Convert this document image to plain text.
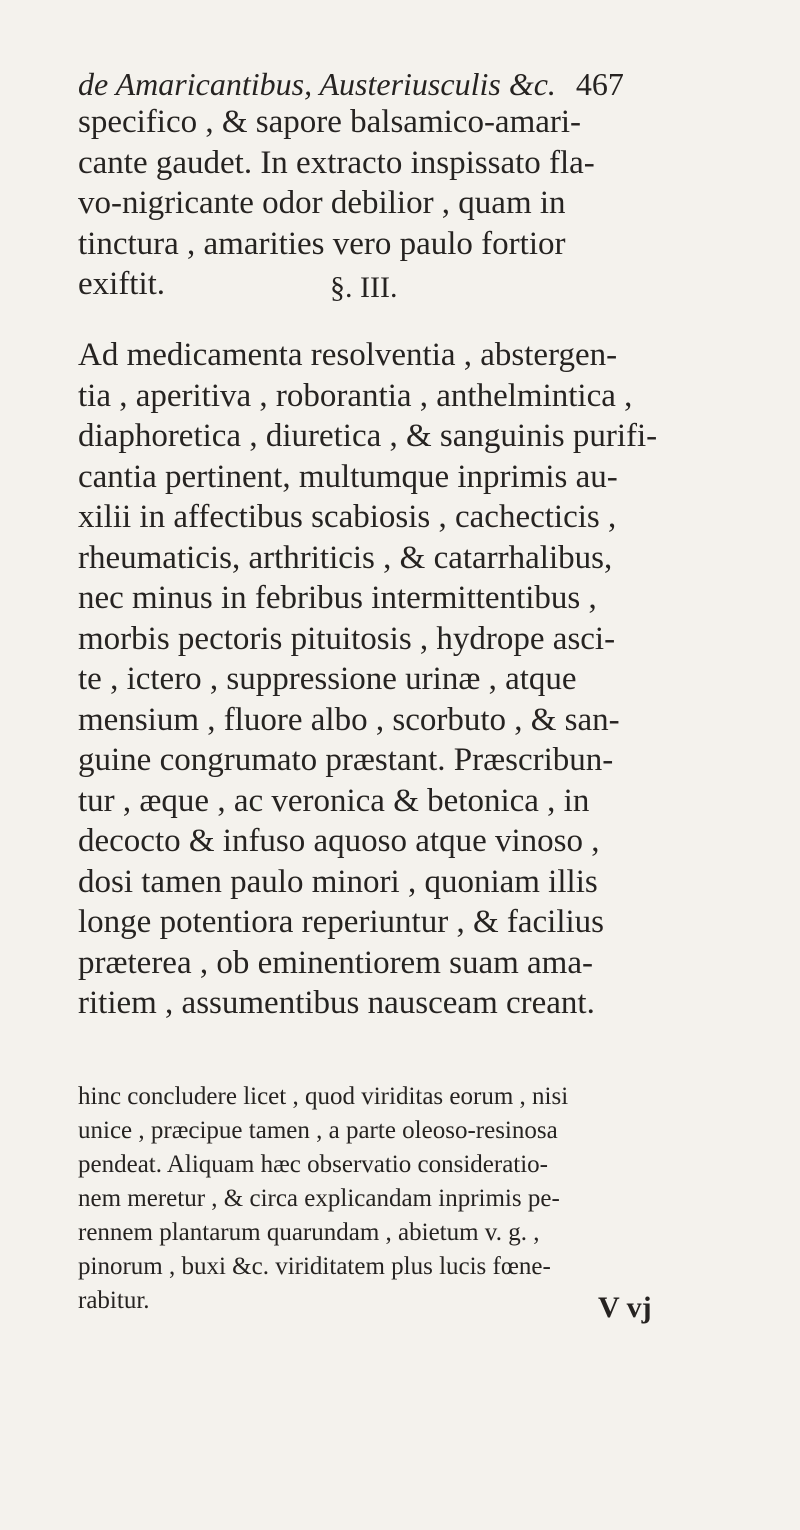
de Amaricantibus, Austeriusculis &c. 467

specifico , & sapore balsamico-amari-
cante gaudet. In extracto inspissato fla-
vo-nigricante odor debilior , quam in
tinctura , amarities vero paulo fortior
exiftit.	§. III.

Ad medicamenta resolventia , abstergen-
tia , aperitiva , roborantia , anthelmintica ,
diaphoretica , diuretica , & sanguinis purifi-
cantia pertinent, multumque inprimis au-
xilii in affectibus scabiosis , cachecticis ,
rheumaticis, arthriticis , & catarrhalibus,
nec minus in febribus intermittentibus ,
morbis pectoris pituitosis , hydrope asci-
te , ictero , suppressione urinæ , atque
mensium , fluore albo , scorbuto , & san-
guine congrumato præstant. Præscribun-
tur , æque , ac veronica & betonica , in
decocto & infuso aquoso atque vinoso ,
dosi tamen paulo minori , quoniam illis
longe potentiora reperiuntur , & facilius
præterea , ob eminentiorem suam ama-
ritiem , assumentibus nausceam creant.

hinc concludere licet , quod viriditas eorum , nisi
unice , præcipue tamen , a parte oleoso-resinosa
pendeat. Aliquam hæc observatio consideratio-
nem meretur , & circa explicandam inprimis pe-
rennem plantarum quarundam , abietum v. g. ,
pinorum , buxi &c. viriditatem plus lucis fœne-
rabitur.	V vj
